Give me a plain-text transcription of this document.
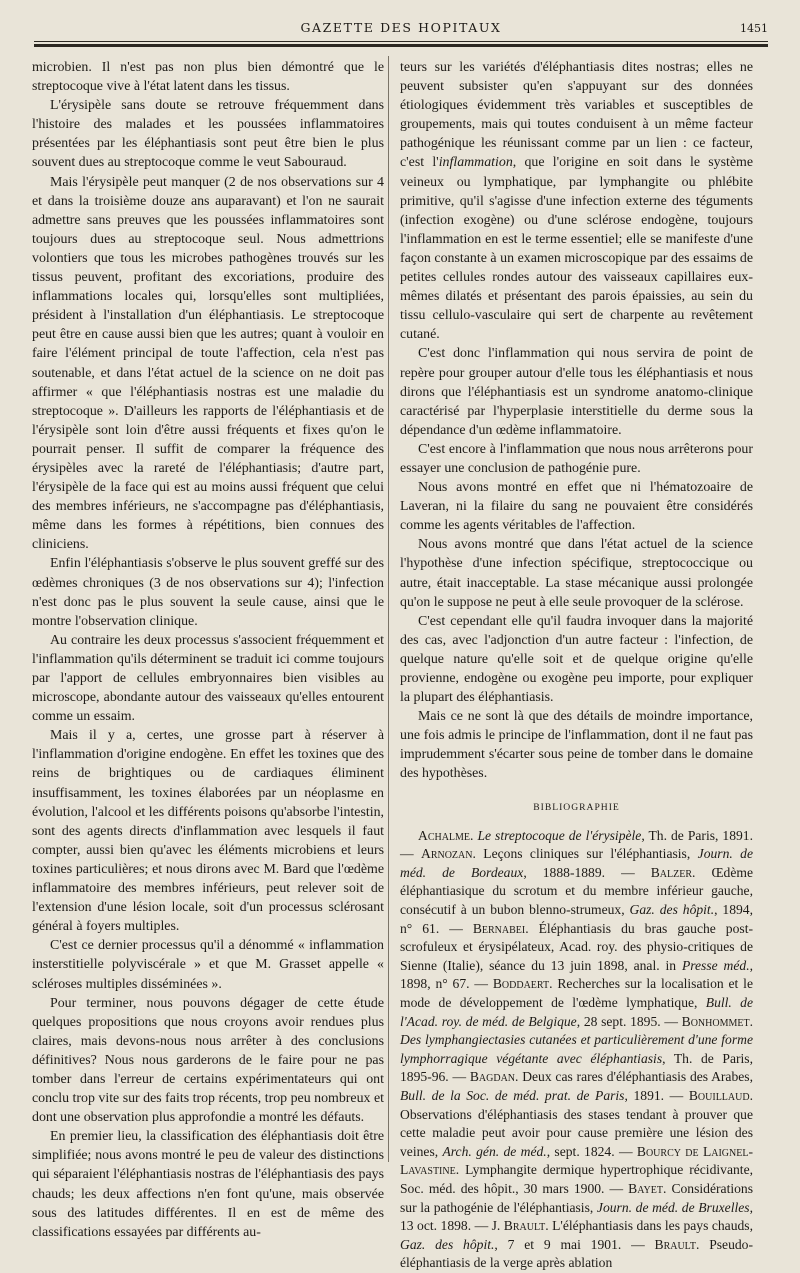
GAZETTE DES HOPITAUX	1451

microbien. Il n'est pas non plus bien démontré que le streptocoque vive à l'état latent dans les tissus.

L'érysipèle sans doute se retrouve fréquemment dans l'histoire des malades et les poussées inflammatoires présentées par les éléphantiasis sont peut être bien le plus souvent dues au streptocoque comme le veut Sabouraud.

Mais l'érysipèle peut manquer (2 de nos observations sur 4 et dans la troisième douze ans auparavant) et l'on ne saurait admettre sans preuves que les poussées inflammatoires sont toujours dues au streptocoque seul. Nous admettrions volontiers que tous les microbes pathogènes trouvés sur les tissus peuvent, profitant des excoriations, produire des inflammations locales qui, lorsqu'elles sont multipliées, président à l'installation d'un éléphantiasis. Le streptocoque peut être en cause aussi bien que les autres; quant à vouloir en faire l'élément principal de toute l'affection, cela n'est pas soutenable, et dans l'état actuel de la science on ne doit pas affirmer « que l'éléphantiasis nostras est une maladie du streptocoque ». D'ailleurs les rapports de l'éléphantiasis et de l'érysipèle sont loin d'être aussi fréquents et fixes qu'on le pourrait penser. Il suffit de comparer la fréquence des érysipèles avec la rareté de l'éléphantiasis; d'autre part, l'érysipèle de la face qui est au moins aussi fréquent que celui des membres inférieurs, ne s'accompagne pas d'éléphantiasis, même dans les formes à répétitions, bien connues des cliniciens.

Enfin l'éléphantiasis s'observe le plus souvent greffé sur des œdèmes chroniques (3 de nos observations sur 4); l'infection n'est donc pas le plus souvent la seule cause, ainsi que le montre l'observation clinique.

Au contraire les deux processus s'associent fréquemment et l'inflammation qu'ils déterminent se traduit ici comme toujours par l'apport de cellules embryonnaires bien visibles au microscope, abondante autour des vaisseaux qu'elles entourent comme un essaim.

Mais il y a, certes, une grosse part à réserver à l'inflammation d'origine endogène. En effet les toxines que des reins de brightiques ou de cardiaques éliminent insuffisamment, les toxines élaborées par un néoplasme en évolution, l'alcool et les différents poisons qu'absorbe l'intestin, sont des agents directs d'inflammation avec lesquels il faut compter, aussi bien qu'avec les éléments microbiens et leurs toxines particulières; et nous dirons avec M. Bard que l'œdème inflammatoire des membres inférieurs, peut relever soit de l'extension d'une lésion locale, soit d'un processus sclérosant général à foyers multiples.

C'est ce dernier processus qu'il a dénommé « inflammation insterstitielle polyviscérale » et que M. Grasset appelle « scléroses multiples disséminées ».

Pour terminer, nous pouvons dégager de cette étude quelques propositions que nous croyons avoir rendues plus claires, mais devons-nous nous arrêter à des conclusions définitives? Nous nous garderons de le faire pour ne pas tomber dans l'erreur de certains expérimentateurs qui ont conclu trop vite sur des faits trop récents, trop peu nombreux et dont une observation plus approfondie a montré les défauts.

En premier lieu, la classification des éléphantiasis doit être simplifiée; nous avons montré le peu de valeur des distinctions qui séparaient l'éléphantiasis nostras de l'éléphantiasis des pays chauds; les deux affections n'en font qu'une, mais observée sous des latitudes différentes. Il en est de même des classifications essayées par différents au-

teurs sur les variétés d'éléphantiasis dites nostras; elles ne peuvent subsister qu'en s'appuyant sur des données étiologiques évidemment très variables et susceptibles de groupements, mais qui toutes conduisent à un même facteur pathogénique les réunissant comme par un lien : ce facteur, c'est l'inflammation, que l'origine en soit dans le système veineux ou lymphatique, par lymphangite ou phlébite primitive, qu'il s'agisse d'une infection externe des téguments (infection exogène) ou d'une sclérose endogène, toujours l'inflammation en est le terme essentiel; elle se manifeste d'une façon constante à un examen microscopique par des essaims de petites cellules rondes autour des vaisseaux capillaires eux-mêmes dilatés et présentant des parois épaissies, au sein du tissu cellulo-vasculaire qui sert de charpente au revêtement cutané.

C'est donc l'inflammation qui nous servira de point de repère pour grouper autour d'elle tous les éléphantiasis et nous dirons que l'éléphantiasis est un syndrome anatomo-clinique caractérisé par l'hyperplasie interstitielle du derme sous la dépendance d'un œdème inflammatoire.

C'est encore à l'inflammation que nous nous arrêterons pour essayer une conclusion de pathogénie pure.

Nous avons montré en effet que ni l'hématozoaire de Laveran, ni la filaire du sang ne pouvaient être considérés comme les agents véritables de l'affection.

Nous avons montré que dans l'état actuel de la science l'hypothèse d'une infection spécifique, streptococcique ou autre, était inacceptable. La stase mécanique aussi prolongée qu'on le suppose ne peut à elle seule provoquer de la sclérose.

C'est cependant elle qu'il faudra invoquer dans la majorité des cas, avec l'adjonction d'un autre facteur : l'infection, de quelque nature qu'elle soit et de quelque origine qu'elle provienne, endogène ou exogène peu importe, pour expliquer la plupart des éléphantiasis.

Mais ce ne sont là que des détails de moindre importance, une fois admis le principe de l'inflammation, dont il ne faut pas imprudemment s'écarter sous peine de tomber dans le domaine des hypothèses.

BIBLIOGRAPHIE

Achalme. Le streptocoque de l'érysipèle, Th. de Paris, 1891. — Arnozan. Leçons cliniques sur l'éléphantiasis, Journ. de méd. de Bordeaux, 1888-1889. — Balzer. Œdème éléphantiasique du scrotum et du membre inférieur gauche, consécutif à un bubon blenno-strumeux, Gaz. des hôpit., 1894, n° 61. — Bernabei. Éléphantiasis du bras gauche post-scrofuleux et érysipélateux, Acad. roy. des physio-critiques de Sienne (Italie), séance du 13 juin 1898, anal. in Presse méd., 1898, n° 67. — Boddaert. Recherches sur la localisation et le mode de développement de l'œdème lymphatique, Bull. de l'Acad. roy. de méd. de Belgique, 28 sept. 1895. — Bonhommet. Des lymphangiectasies cutanées et particulièrement d'une forme lymphorragique végétante avec éléphantiasis, Th. de Paris, 1895-96. — Bagdan. Deux cas rares d'éléphantiasis des Arabes, Bull. de la Soc. de méd. prat. de Paris, 1891. — Bouillaud. Observations d'éléphantiasis des stases tendant à prouver que cette maladie peut avoir pour cause première une lésion des veines, Arch. gén. de méd., sept. 1824. — Bourcy de Laignel-Lavastine. Lymphangite dermique hypertrophique récidivante, Soc. méd. des hôpit., 30 mars 1900. — Bayet. Considérations sur la pathogénie de l'éléphantiasis, Journ. de méd. de Bruxelles, 13 oct. 1898. — J. Brault. L'éléphantiasis dans les pays chauds, Gaz. des hôpit., 7 et 9 mai 1901. — Brault. Pseudo-éléphantiasis de la verge après ablation
